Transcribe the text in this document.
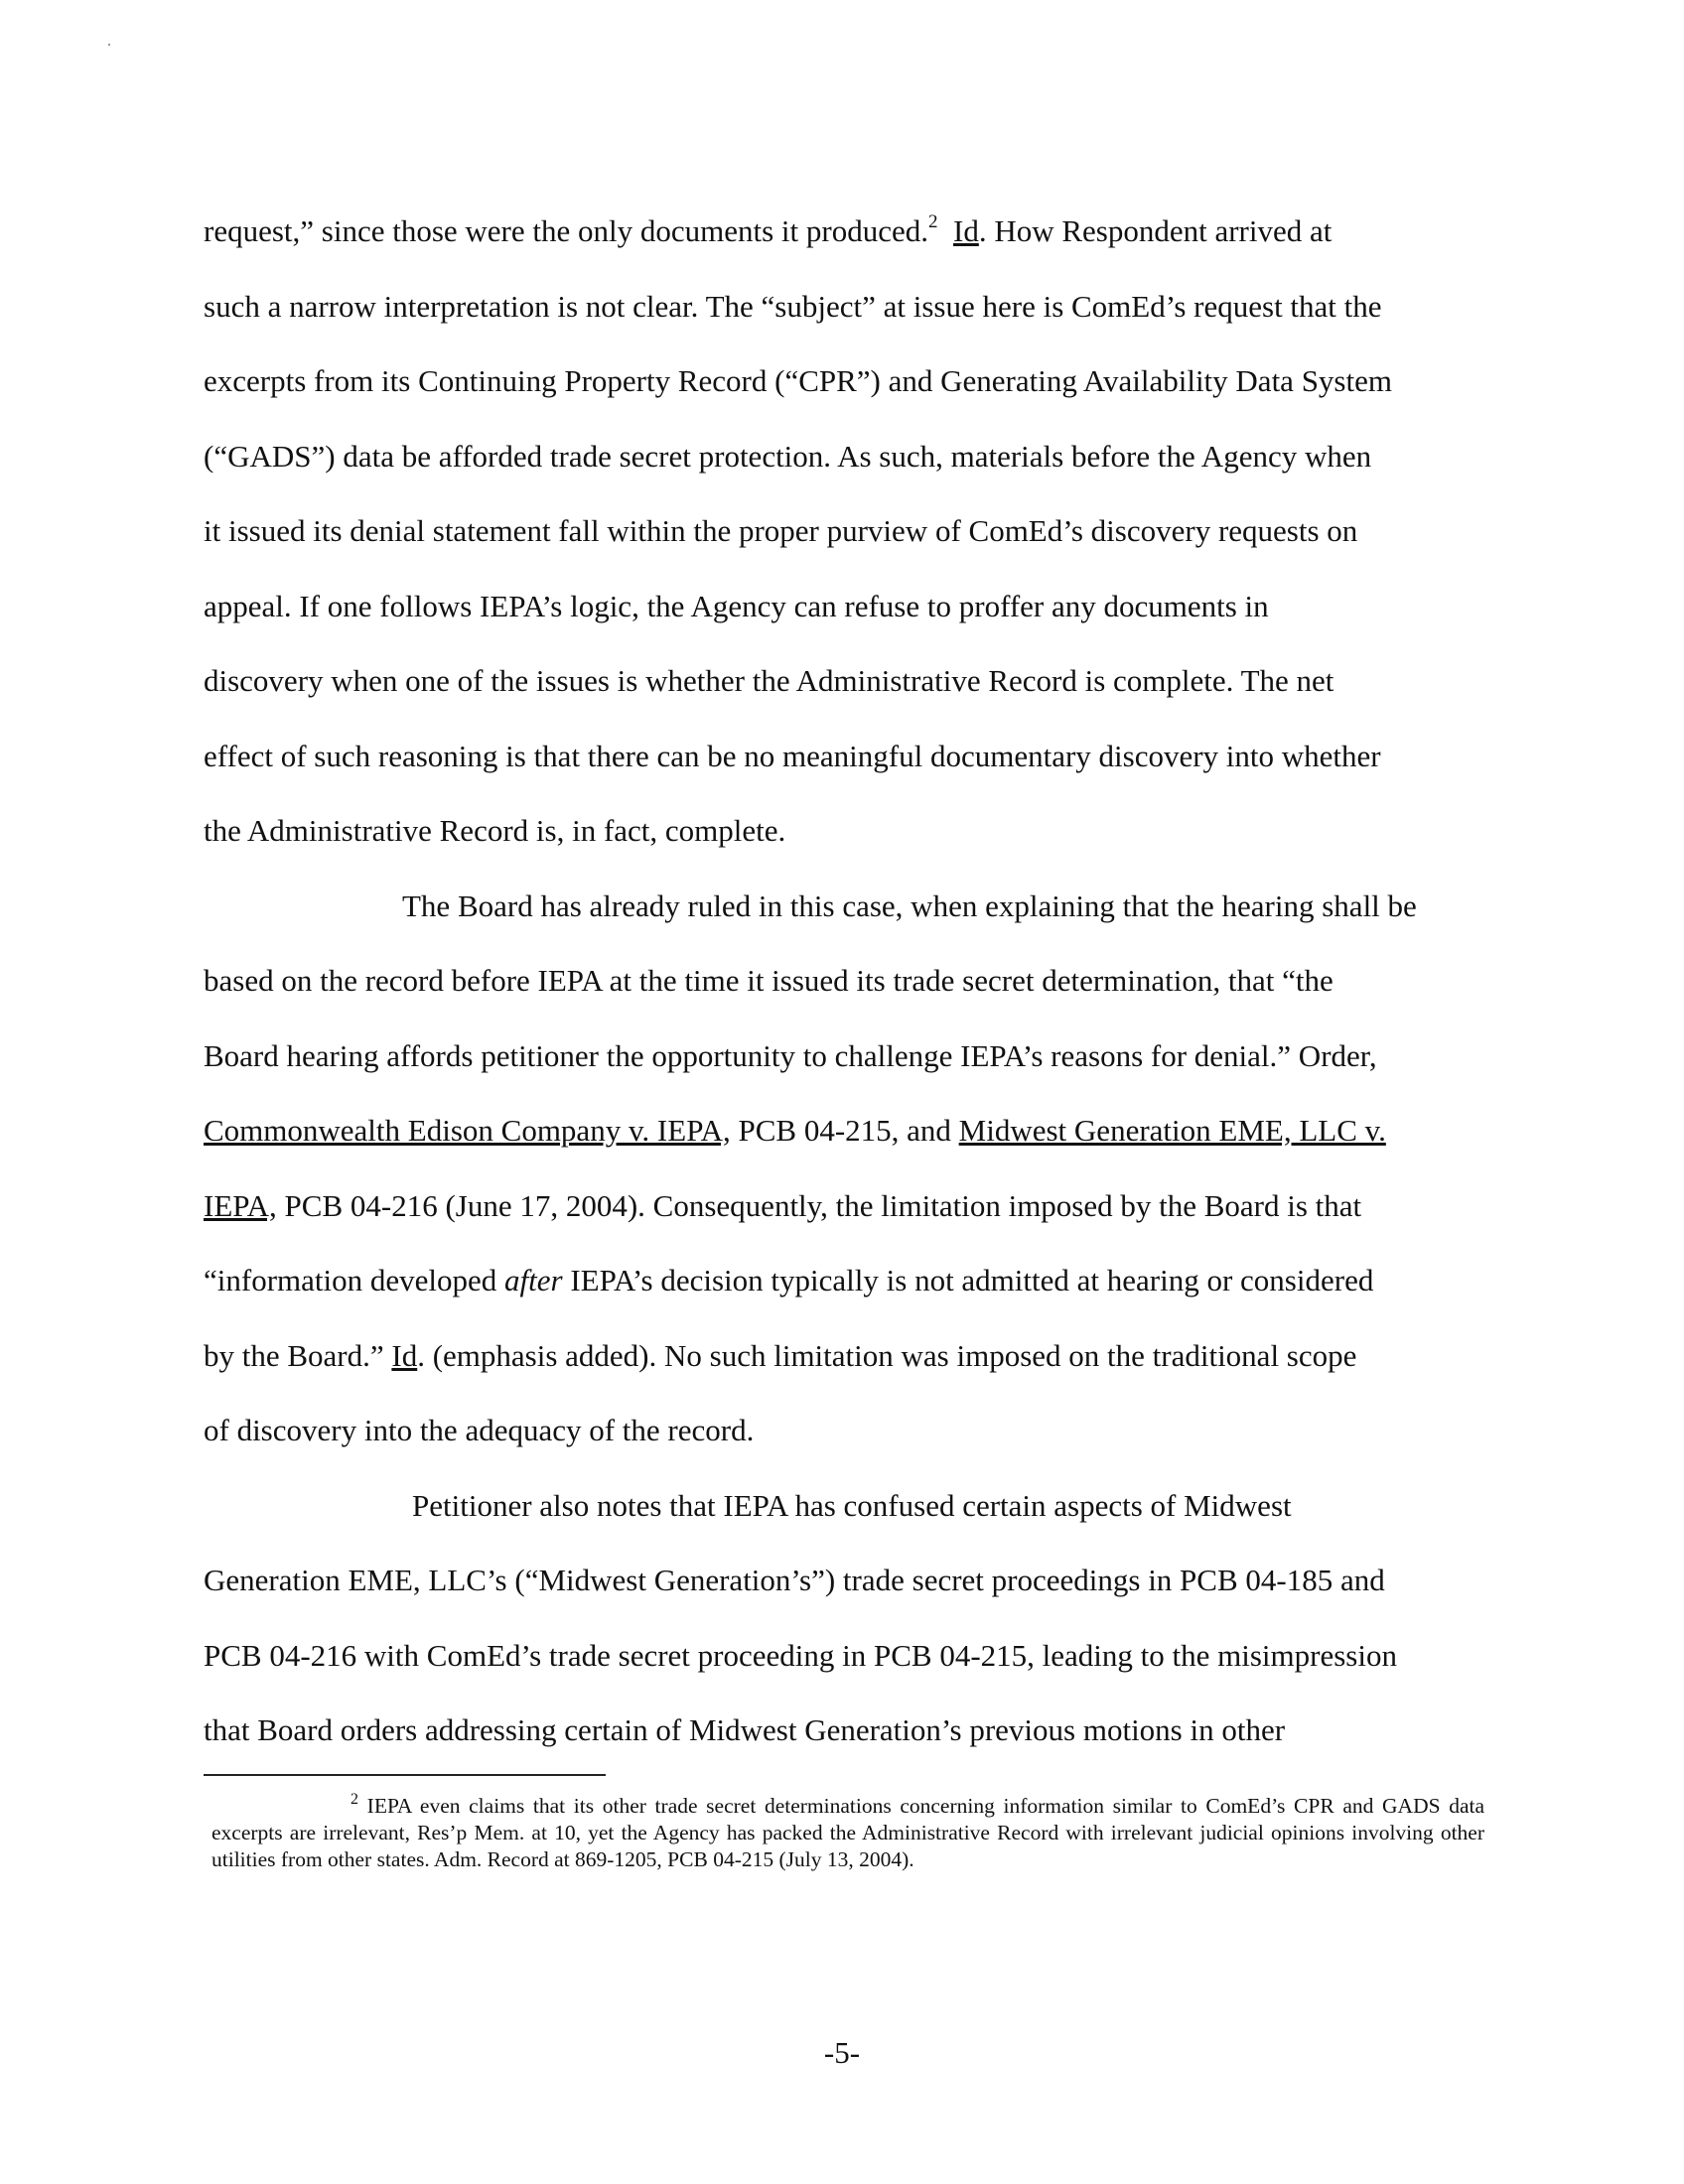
request,” since those were the only documents it produced.$^2$ Id. How Respondent arrived at
such a narrow interpretation is not clear. The “subject” at issue here is ComEd’s request that the
excerpts from its Continuing Property Record (“CPR”) and Generating Availability Data System
(“GADS”) data be afforded trade secret protection. As such, materials before the Agency when
it issued its denial statement fall within the proper purview of ComEd’s discovery requests on
appeal. If one follows IEPA’s logic, the Agency can refuse to proffer any documents in
discovery when one of the issues is whether the Administrative Record is complete. The net
effect of such reasoning is that there can be no meaningful documentary discovery into whether
the Administrative Record is, in fact, complete.
The Board has already ruled in this case, when explaining that the hearing shall be
based on the record before IEPA at the time it issued its trade secret determination, that “the
Board hearing affords petitioner the opportunity to challenge IEPA’s reasons for denial.” Order,
Commonwealth Edison Company v. IEPA, PCB 04-215, and Midwest Generation EME, LLC v.
IEPA, PCB 04-216 (June 17, 2004). Consequently, the limitation imposed by the Board is that
“information developed after IEPA’s decision typically is not admitted at hearing or considered
by the Board.” Id. (emphasis added). No such limitation was imposed on the traditional scope
of discovery into the adequacy of the record.
Petitioner also notes that IEPA has confused certain aspects of Midwest
Generation EME, LLC’s (“Midwest Generation’s”) trade secret proceedings in PCB 04-185 and
PCB 04-216 with ComEd’s trade secret proceeding in PCB 04-215, leading to the misimpression
that Board orders addressing certain of Midwest Generation’s previous motions in other
$^2$ IEPA even claims that its other trade secret determinations concerning information similar to ComEd’s CPR and GADS data excerpts are irrelevant, Res’p Mem. at 10, yet the Agency has packed the Administrative Record with irrelevant judicial opinions involving other utilities from other states. Adm. Record at 869-1205, PCB 04-215 (July 13, 2004).
-5-
